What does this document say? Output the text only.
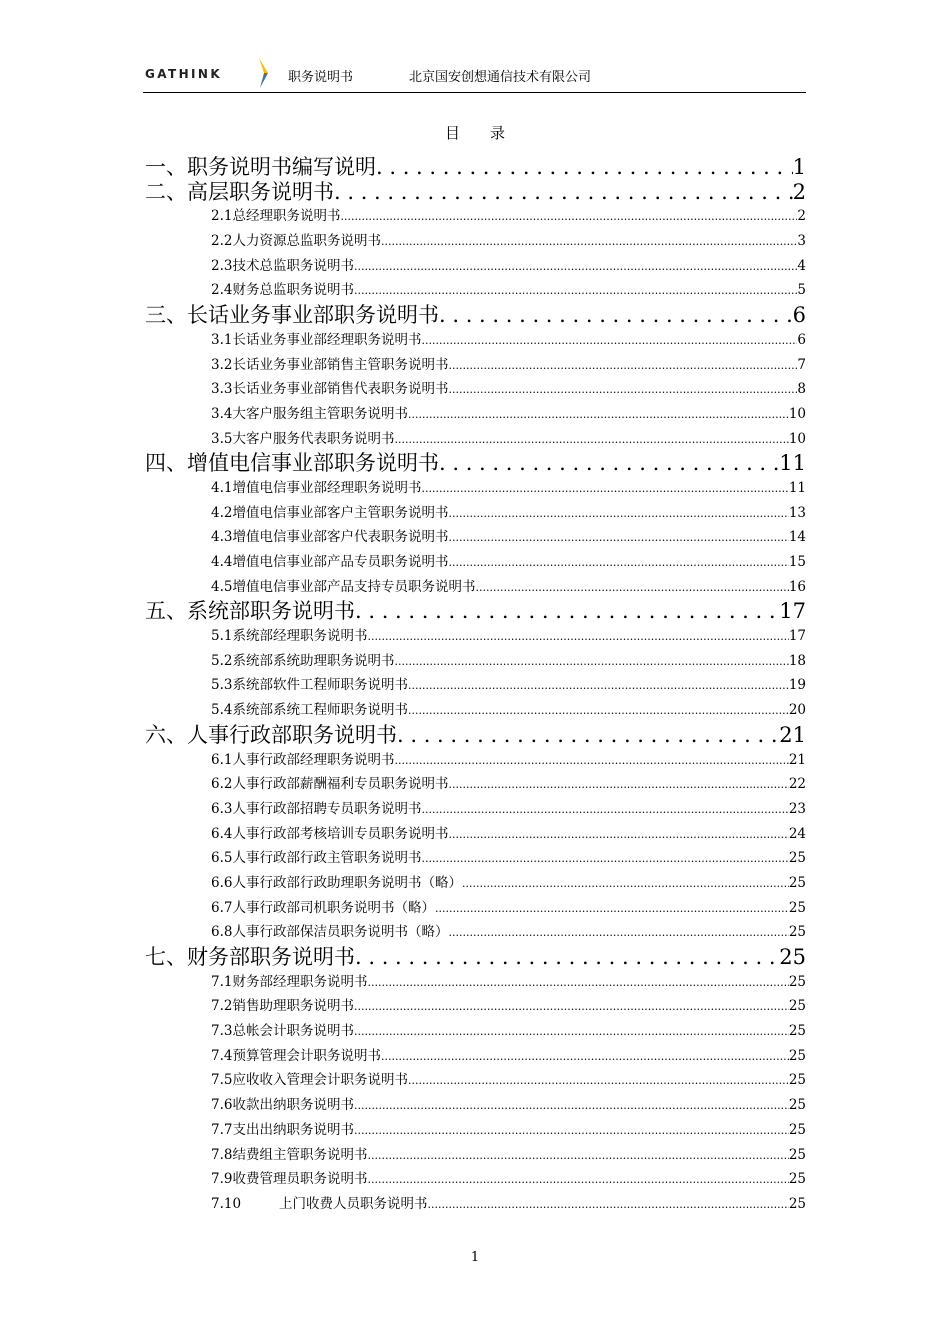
GATHINK	职务说明书	北京国安创想通信技术有限公司
目 录
一、职务说明书编写说明 . . .	1
二、高层职务说明书 . . .	2
2.1总经理职务说明书 .....	2
2.2人力资源总监职务说明书 .....	3
2.3技术总监职务说明书 .....	4
2.4财务总监职务说明书 .....	5
三、长话业务事业部职务说明书 . . .	6
3.1长话业务事业部经理职务说明书 .....	6
3.2长话业务事业部销售主管职务说明书 .....	7
3.3长话业务事业部销售代表职务说明书 .....	8
3.4大客户服务组主管职务说明书 .....	10
3.5大客户服务代表职务说明书 .....	10
四、增值电信事业部职务说明书 . . .	11
4.1增值电信事业部经理职务说明书 .....	11
4.2增值电信事业部客户主管职务说明书 .....	13
4.3增值电信事业部客户代表职务说明书 .....	14
4.4增值电信事业部产品专员职务说明书 .....	15
4.5增值电信事业部产品支持专员职务说明书 .....	16
五、系统部职务说明书 . . .	17
5.1系统部经理职务说明书 .....	17
5.2系统部系统助理职务说明书 .....	18
5.3系统部软件工程师职务说明书 .....	19
5.4系统部系统工程师职务说明书 .....	20
六、人事行政部职务说明书 . . .	21
6.1人事行政部经理职务说明书 .....	21
6.2人事行政部薪酬福利专员职务说明书 .....	22
6.3人事行政部招聘专员职务说明书 .....	23
6.4人事行政部考核培训专员职务说明书 .....	24
6.5人事行政部行政主管职务说明书 .....	25
6.6人事行政部行政助理职务说明书（略） .....	25
6.7人事行政部司机职务说明书（略） .....	25
6.8人事行政部保洁员职务说明书（略） .....	25
七、财务部职务说明书 . . .	25
7.1财务部经理职务说明书 .....	25
7.2销售助理职务说明书 .....	25
7.3总帐会计职务说明书 .....	25
7.4预算管理会计职务说明书 .....	25
7.5应收收入管理会计职务说明书 .....	25
7.6收款出纳职务说明书 .....	25
7.7支出出纳职务说明书 .....	25
7.8结费组主管职务说明书 .....	25
7.9收费管理员职务说明书 .....	25
7.10	上门收费人员职务说明书 .....	25
1
